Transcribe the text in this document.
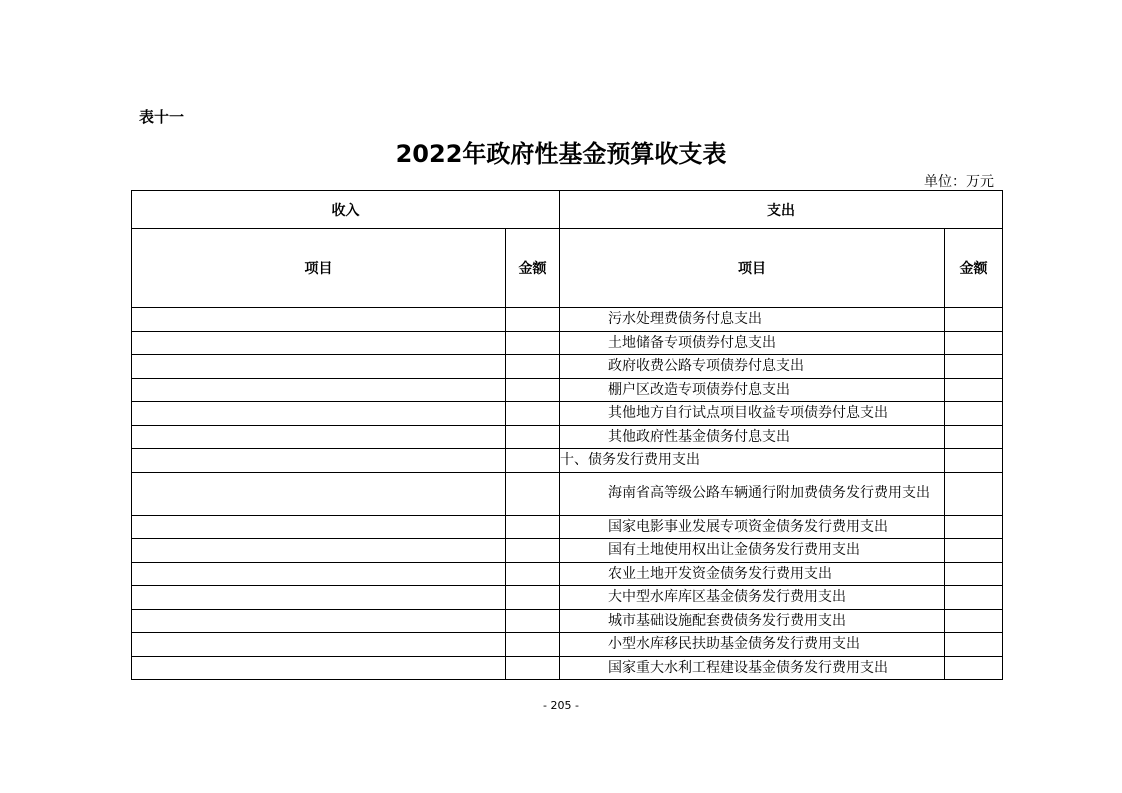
表十一
2022年政府性基金预算收支表
单位：万元
收入		支出	
项目	金额	项目	金额
		污水处理费债务付息支出	
		土地储备专项债券付息支出	
		政府收费公路专项债券付息支出	
		棚户区改造专项债券付息支出	
		其他地方自行试点项目收益专项债券付息支出	
		其他政府性基金债务付息支出	
		十、债务发行费用支出	
		海南省高等级公路车辆通行附加费债务发行费用支出	
		国家电影事业发展专项资金债务发行费用支出	
		国有土地使用权出让金债务发行费用支出	
		农业土地开发资金债务发行费用支出	
		大中型水库库区基金债务发行费用支出	
		城市基础设施配套费债务发行费用支出	
		小型水库移民扶助基金债务发行费用支出	
		国家重大水利工程建设基金债务发行费用支出	
- 205 -
